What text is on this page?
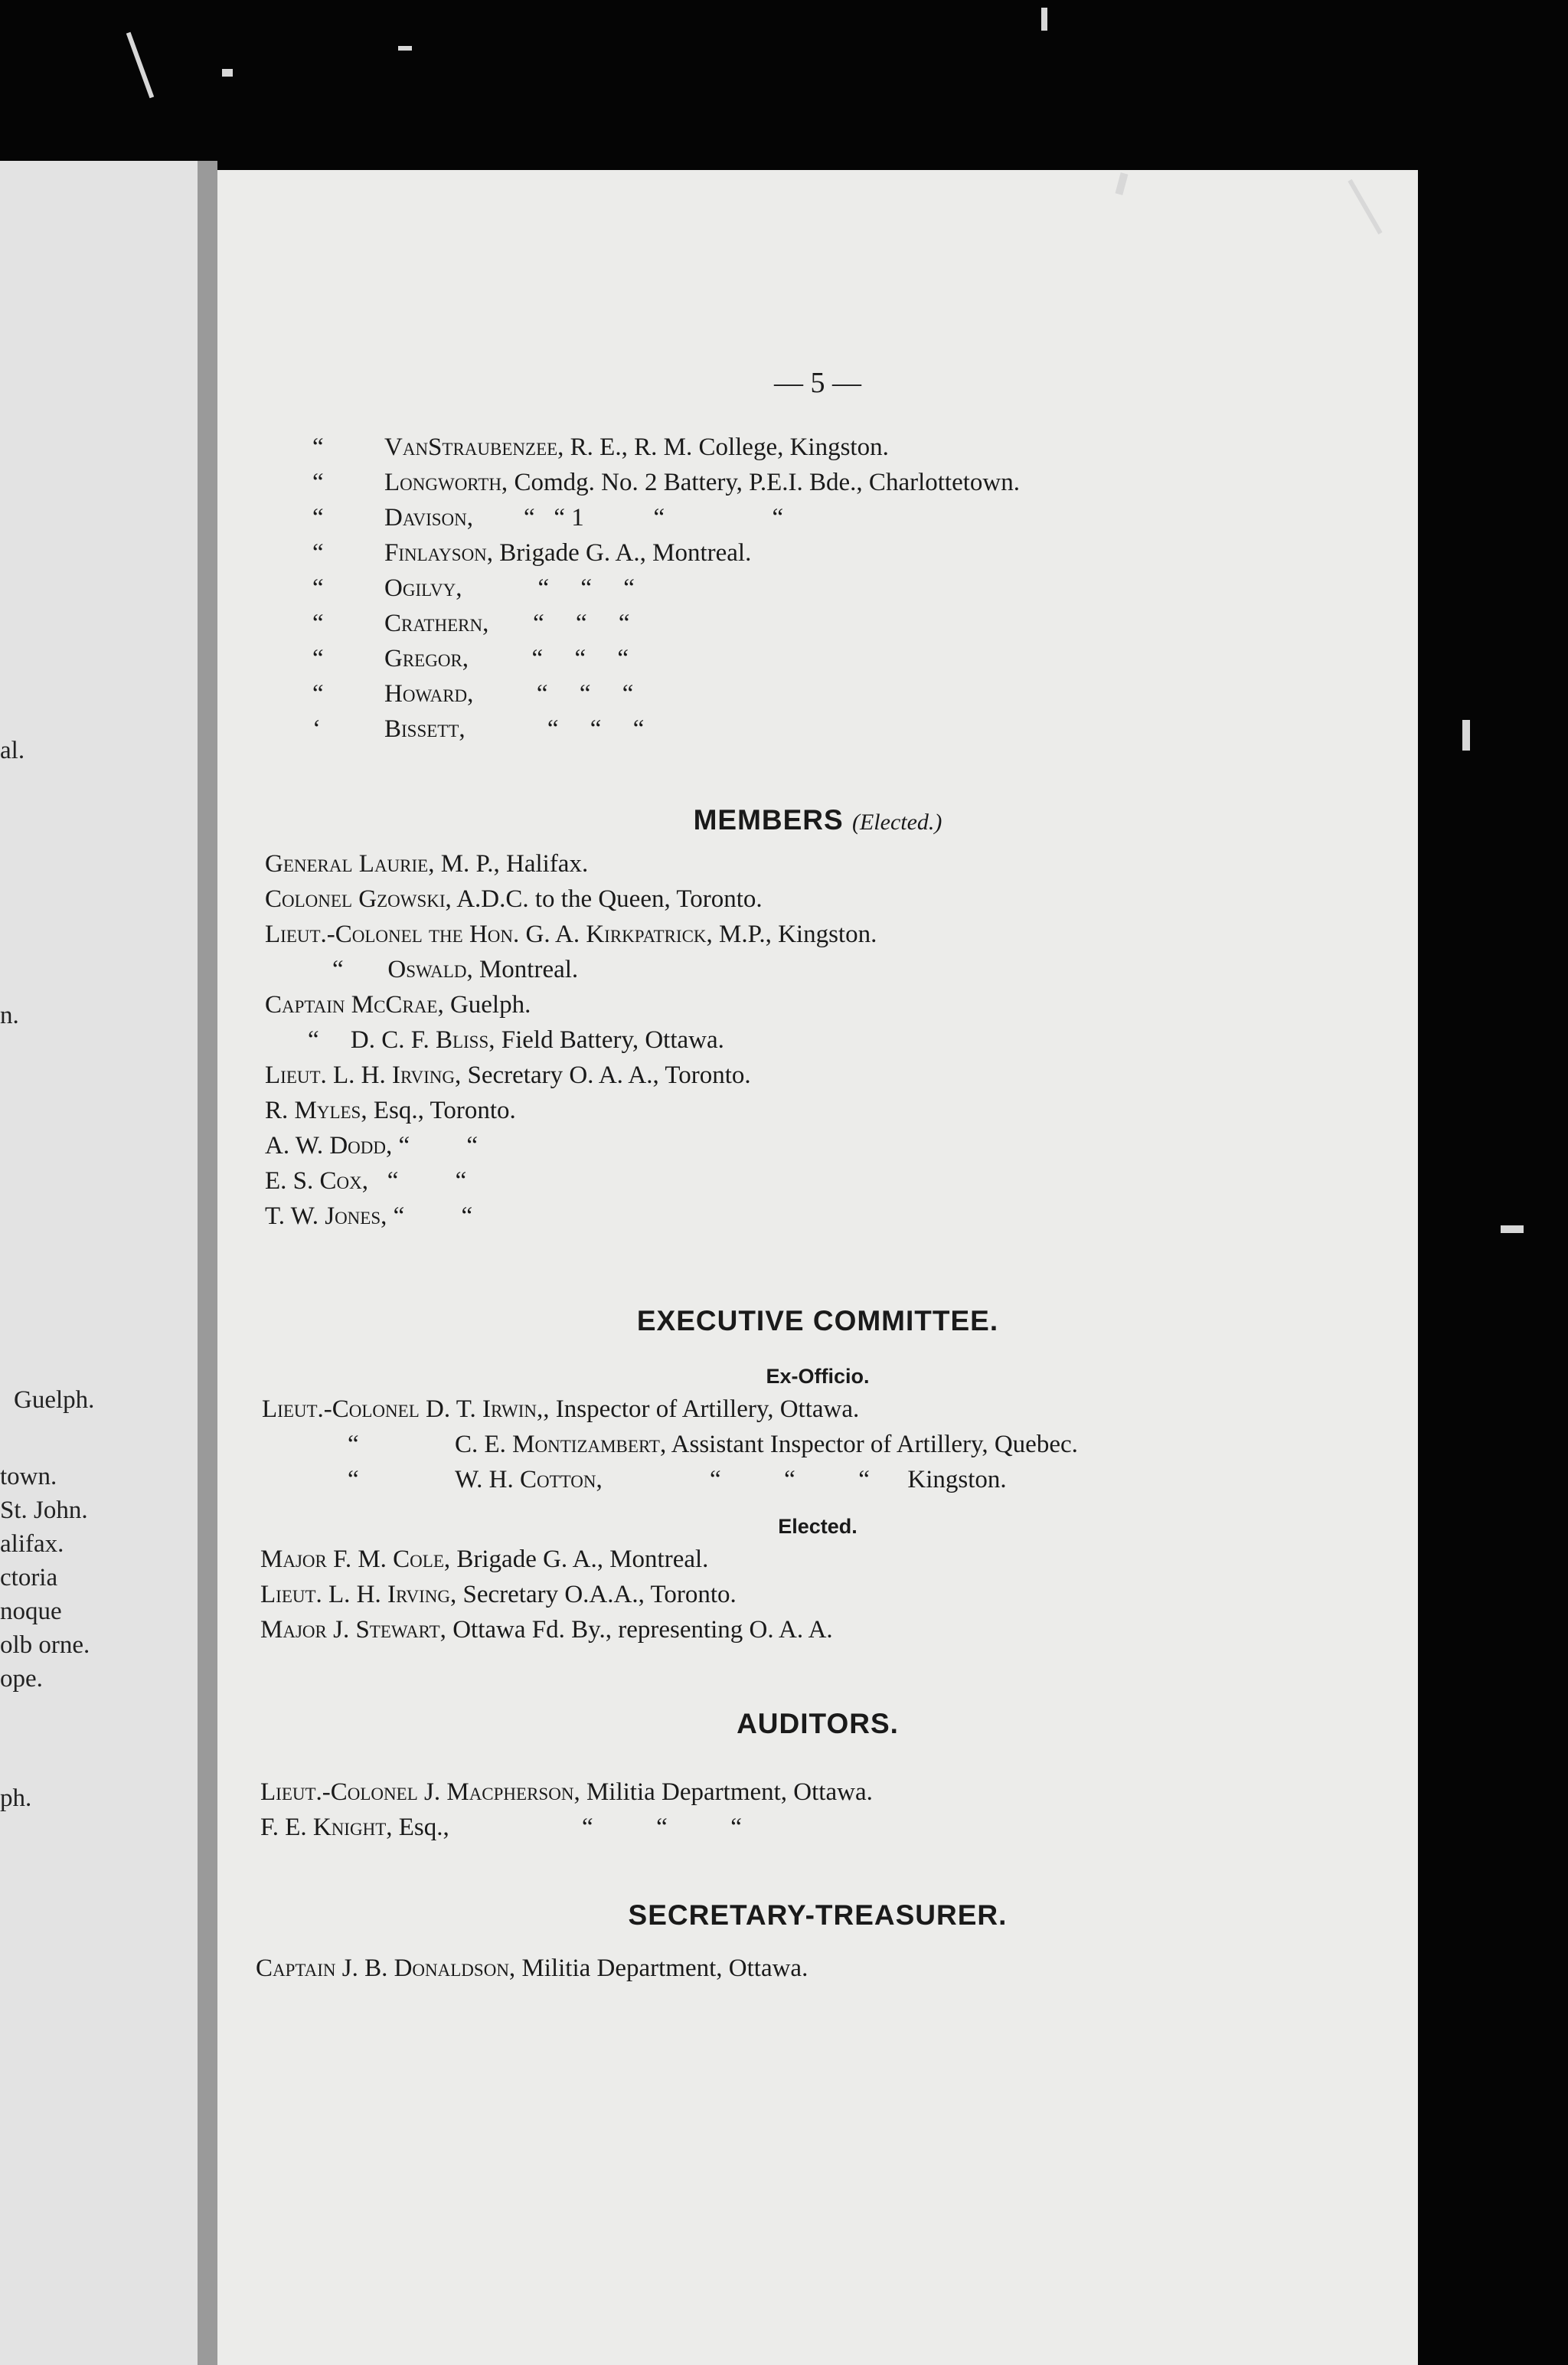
al.
n.
Guelph.
town.
St. John.
alifax.
ctoria
noque
olb orne.
ope.
ph.
— 5 —
“ VanStraubenzee, R. E., R. M. College, Kingston.
“ Longworth, Comdg. No. 2 Battery, P.E.I. Bde., Charlottetown.
“ Davison, “   “ 1           “                 “
“ Finlayson, Brigade G. A., Montreal.
“ Ogilvy,	“     “     “
“ Crathern, “     “     “
“ Gregor,	“     “     “
“ Howard,	“     “     “
‘	Bissett,	“     “     “
MEMBERS (Elected.)
General Laurie, M. P., Halifax.
Colonel Gzowski, A.D.C. to the Queen, Toronto.
Lieut.-Colonel the Hon. G. A. Kirkpatrick, M.P., Kingston.
“       Oswald, Montreal.
Captain McCrae, Guelph.
“     D. C. F. Bliss, Field Battery, Ottawa.
Lieut. L. H. Irving, Secretary O. A. A., Toronto.
R. Myles, Esq., Toronto.
A. W. Dodd, “         “
E. S. Cox, “         “
T. W. Jones, “         “
EXECUTIVE COMMITTEE.
Ex-Officio.
Lieut.-Colonel D. T. Irwin,, Inspector of Artillery, Ottawa.
“	C. E. Montizambert, Assistant Inspector of Artillery, Quebec.
“	W. H. Cotton,	“          “          “      Kingston.
Elected.
Major F. M. Cole, Brigade G. A., Montreal.
Lieut. L. H. Irving, Secretary O.A.A., Toronto.
Major J. Stewart, Ottawa Fd. By., representing O. A. A.
AUDITORS.
Lieut.-Colonel J. Macpherson, Militia Department, Ottawa.
F. E. Knight, Esq.,                     “          “          “
SECRETARY-TREASURER.
Captain J. B. Donaldson, Militia Department, Ottawa.
